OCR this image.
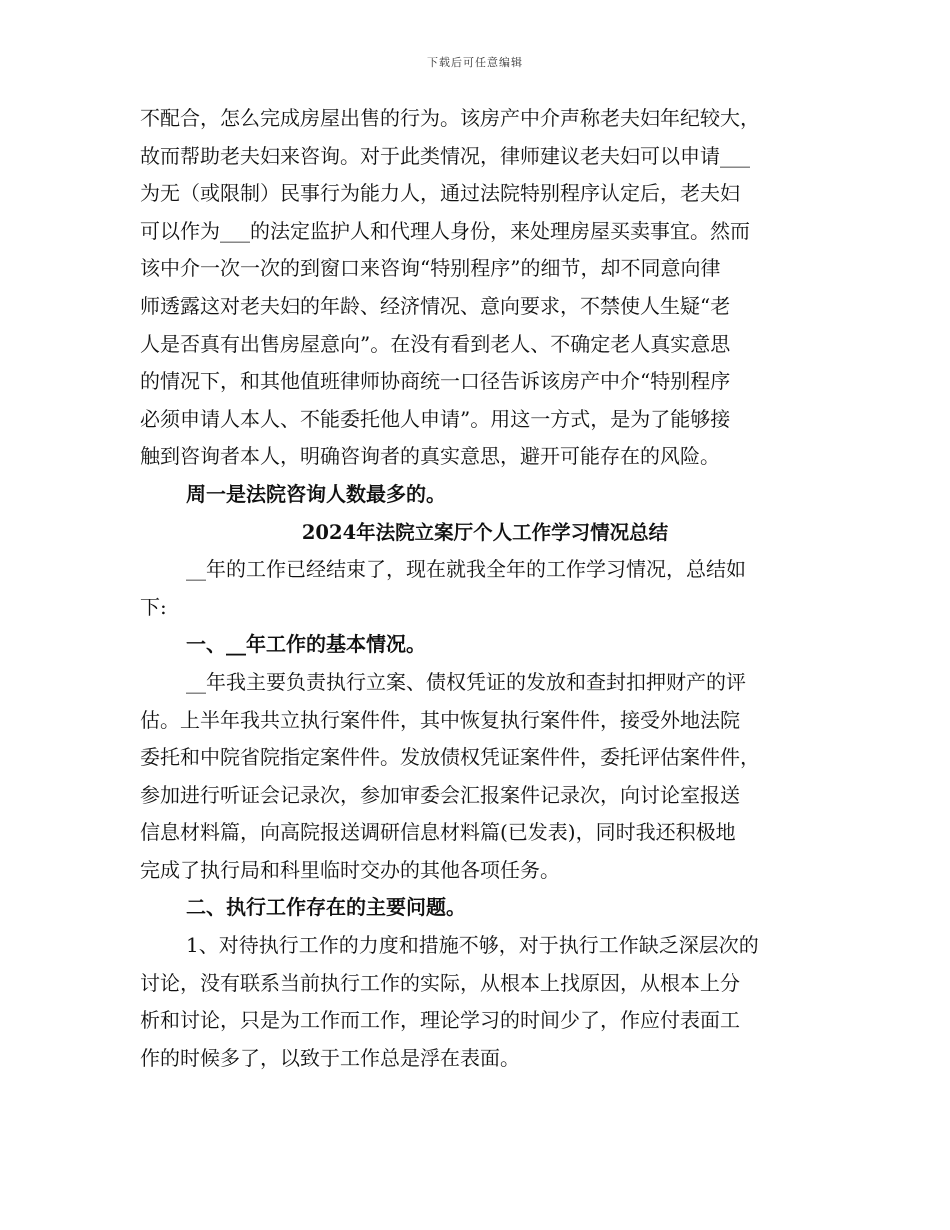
下载后可任意编辑
不配合，怎么完成房屋出售的行为。该房产中介声称老夫妇年纪较大，
故而帮助老夫妇来咨询。对于此类情况，律师建议老夫妇可以申请___
为无（或限制）民事行为能力人，通过法院特别程序认定后，老夫妇
可以作为___的法定监护人和代理人身份，来处理房屋买卖事宜。然而
该中介一次一次的到窗口来咨询“特别程序”的细节，却不同意向律
师透露这对老夫妇的年龄、经济情况、意向要求，不禁使人生疑“老
人是否真有出售房屋意向”。在没有看到老人、不确定老人真实意思
的情况下，和其他值班律师协商统一口径告诉该房产中介“特别程序
必须申请人本人、不能委托他人申请”。用这一方式，是为了能够接
触到咨询者本人，明确咨询者的真实意思，避开可能存在的风险。
周一是法院咨询人数最多的。
2024年法院立案厅个人工作学习情况总结
__年的工作已经结束了，现在就我全年的工作学习情况，总结如
下:
一、__年工作的基本情况。
__年我主要负责执行立案、债权凭证的发放和查封扣押财产的评
估。上半年我共立执行案件件，其中恢复执行案件件，接受外地法院
委托和中院省院指定案件件。发放债权凭证案件件，委托评估案件件，
参加进行听证会记录次，参加审委会汇报案件记录次，向讨论室报送
信息材料篇，向高院报送调研信息材料篇(已发表)，同时我还积极地
完成了执行局和科里临时交办的其他各项任务。
二、执行工作存在的主要问题。
1、对待执行工作的力度和措施不够，对于执行工作缺乏深层次的
讨论，没有联系当前执行工作的实际，从根本上找原因，从根本上分
析和讨论，只是为工作而工作，理论学习的时间少了，作应付表面工
作的时候多了，以致于工作总是浮在表面。
